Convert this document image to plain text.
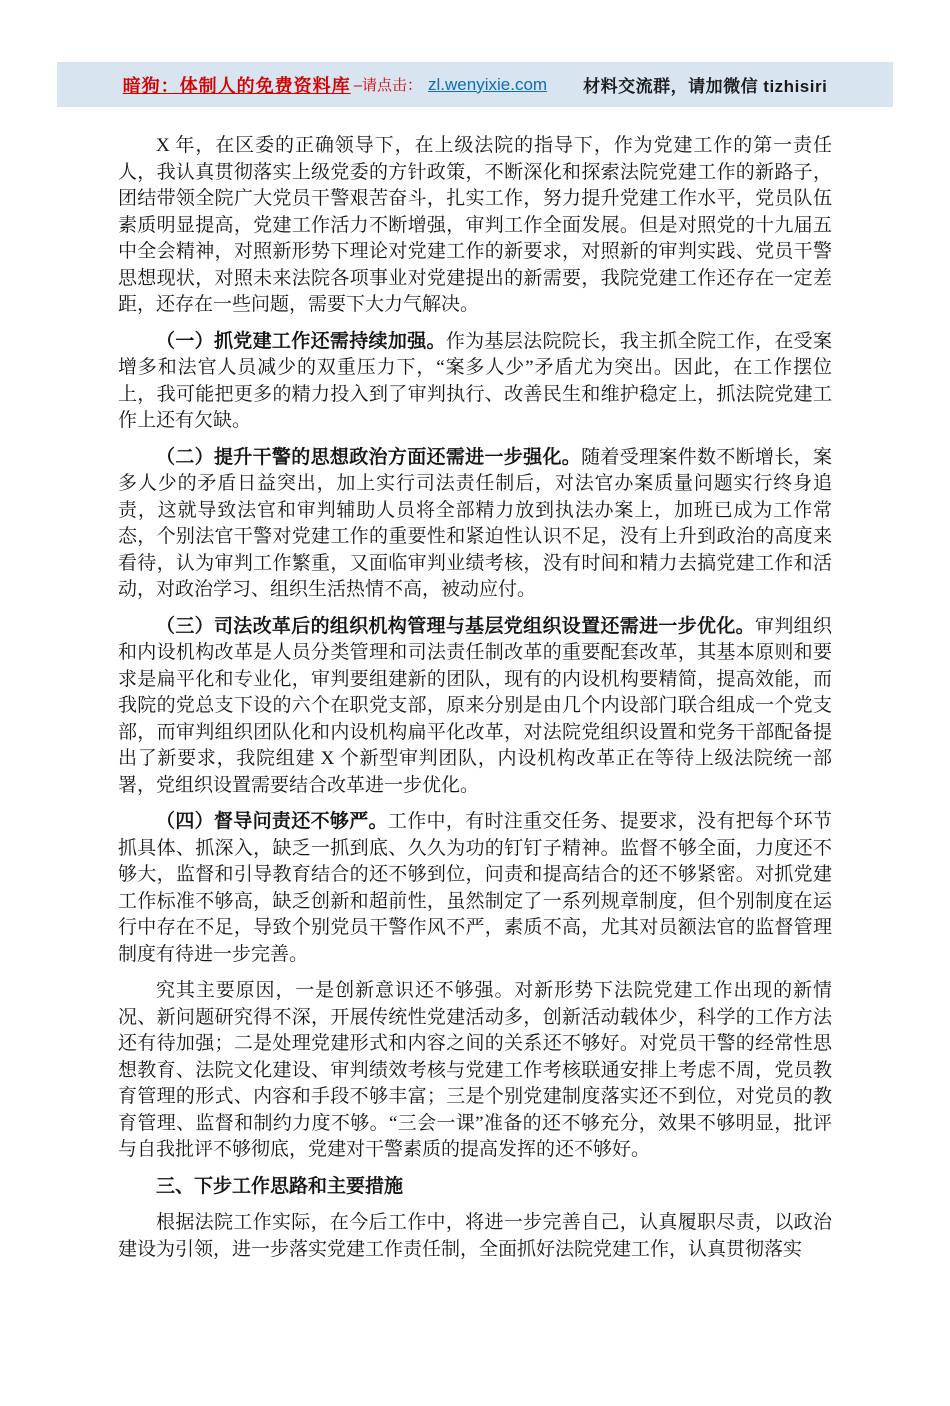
暗狗：体制人的免费资料库 –请点击： zl.wenyixie.com 材料交流群，请加微信 tizhisiri

X 年，在区委的正确领导下，在上级法院的指导下，作为党建工作的第一责任人，我认真贯彻落实上级党委的方针政策，不断深化和探索法院党建工作的新路子，团结带领全院广大党员干警艰苦奋斗，扎实工作，努力提升党建工作水平，党员队伍素质明显提高，党建工作活力不断增强，审判工作全面发展。但是对照党的十九届五中全会精神，对照新形势下理论对党建工作的新要求，对照新的审判实践、党员干警思想现状，对照未来法院各项事业对党建提出的新需要，我院党建工作还存在一定差距，还存在一些问题，需要下大力气解决。

（一）抓党建工作还需持续加强。作为基层法院院长，我主抓全院工作，在受案增多和法官人员减少的双重压力下，“案多人少”矛盾尤为突出。因此，在工作摆位上，我可能把更多的精力投入到了审判执行、改善民生和维护稳定上，抓法院党建工作上还有欠缺。

（二）提升干警的思想政治方面还需进一步强化。随着受理案件数不断增长，案多人少的矛盾日益突出，加上实行司法责任制后，对法官办案质量问题实行终身追责，这就导致法官和审判辅助人员将全部精力放到执法办案上，加班已成为工作常态，个别法官干警对党建工作的重要性和紧迫性认识不足，没有上升到政治的高度来看待，认为审判工作繁重，又面临审判业绩考核，没有时间和精力去搞党建工作和活动，对政治学习、组织生活热情不高，被动应付。

（三）司法改革后的组织机构管理与基层党组织设置还需进一步优化。审判组织和内设机构改革是人员分类管理和司法责任制改革的重要配套改革，其基本原则和要求是扁平化和专业化，审判要组建新的团队，现有的内设机构要精简，提高效能，而我院的党总支下设的六个在职党支部，原来分别是由几个内设部门联合组成一个党支部，而审判组织团队化和内设机构扁平化改革，对法院党组织设置和党务干部配备提出了新要求，我院组建 X 个新型审判团队，内设机构改革正在等待上级法院统一部署，党组织设置需要结合改革进一步优化。

（四）督导问责还不够严。工作中，有时注重交任务、提要求，没有把每个环节抓具体、抓深入，缺乏一抓到底、久久为功的钉钉子精神。监督不够全面，力度还不够大，监督和引导教育结合的还不够到位，问责和提高结合的还不够紧密。对抓党建工作标准不够高，缺乏创新和超前性，虽然制定了一系列规章制度，但个别制度在运行中存在不足，导致个别党员干警作风不严，素质不高，尤其对员额法官的监督管理制度有待进一步完善。

究其主要原因，一是创新意识还不够强。对新形势下法院党建工作出现的新情况、新问题研究得不深，开展传统性党建活动多，创新活动载体少，科学的工作方法还有待加强；二是处理党建形式和内容之间的关系还不够好。对党员干警的经常性思想教育、法院文化建设、审判绩效考核与党建工作考核联通安排上考虑不周，党员教育管理的形式、内容和手段不够丰富；三是个别党建制度落实还不到位，对党员的教育管理、监督和制约力度不够。“三会一课”准备的还不够充分，效果不够明显，批评与自我批评不够彻底，党建对干警素质的提高发挥的还不够好。

三、下步工作思路和主要措施

根据法院工作实际，在今后工作中，将进一步完善自己，认真履职尽责，以政治建设为引领，进一步落实党建工作责任制，全面抓好法院党建工作，认真贯彻落实
